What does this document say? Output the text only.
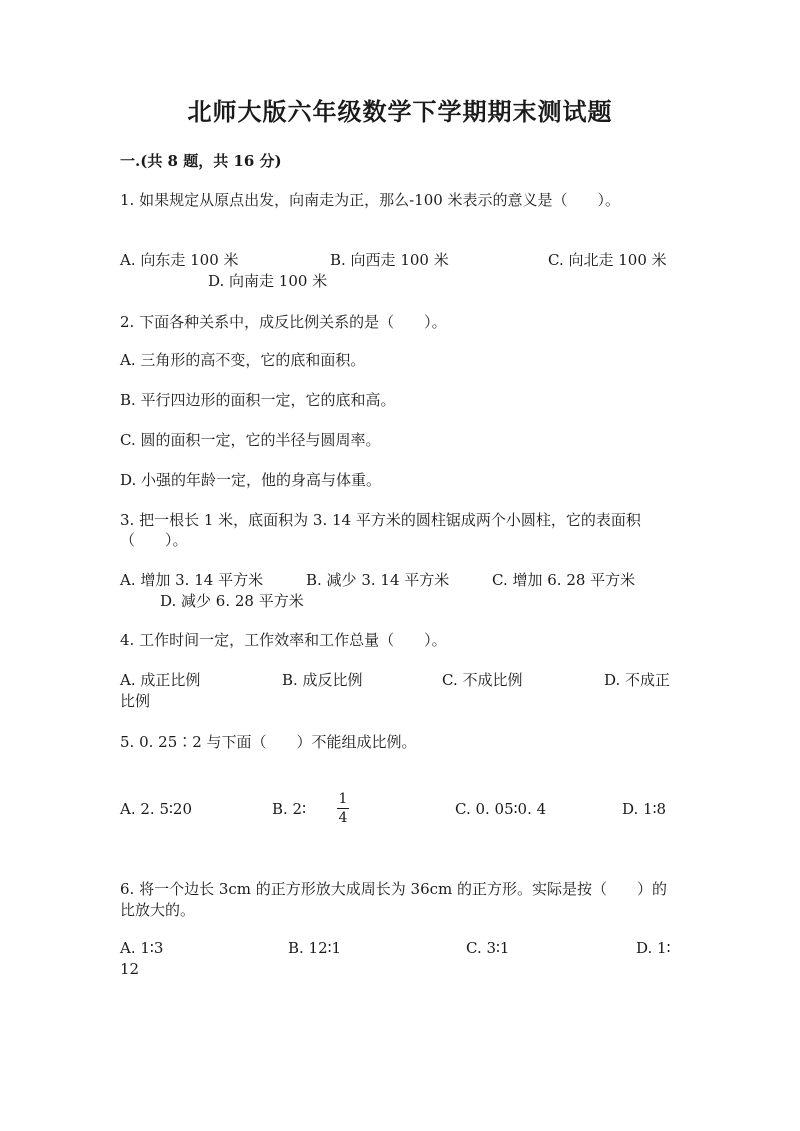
北师大版六年级数学下学期期末测试题
一.(共 8 题，共 16 分)
1. 如果规定从原点出发，向南走为正，那么-100 米表示的意义是（　　）。
A. 向东走 100 米	B. 向西走 100 米	C. 向北走 100 米
D. 向南走 100 米
2. 下面各种关系中，成反比例关系的是（　　）。
A. 三角形的高不变，它的底和面积。
B. 平行四边形的面积一定，它的底和高。
C. 圆的面积一定，它的半径与圆周率。
D. 小强的年龄一定，他的身高与体重。
3. 把一根长 1 米，底面积为 3. 14 平方米的圆柱锯成两个小圆柱，它的表面积
（　　）。
A. 增加 3. 14 平方米	B. 减少 3. 14 平方米	C. 增加 6. 28 平方米
D. 减少 6. 28 平方米
4. 工作时间一定，工作效率和工作总量（　　）。
A. 成正比例	B. 成反比例	C. 不成比例	D. 不成正
比例
5. 0. 25∶2 与下面（　　）不能组成比例。
A. 2. 5∶20	B. 2∶
1
4	C. 0. 05∶0. 4	D. 1∶8
6. 将一个边长 3cm 的正方形放大成周长为 36cm 的正方形。实际是按（　　）的
比放大的。
A. 1∶3	B. 12∶1	C. 3∶1	D. 1∶
12
